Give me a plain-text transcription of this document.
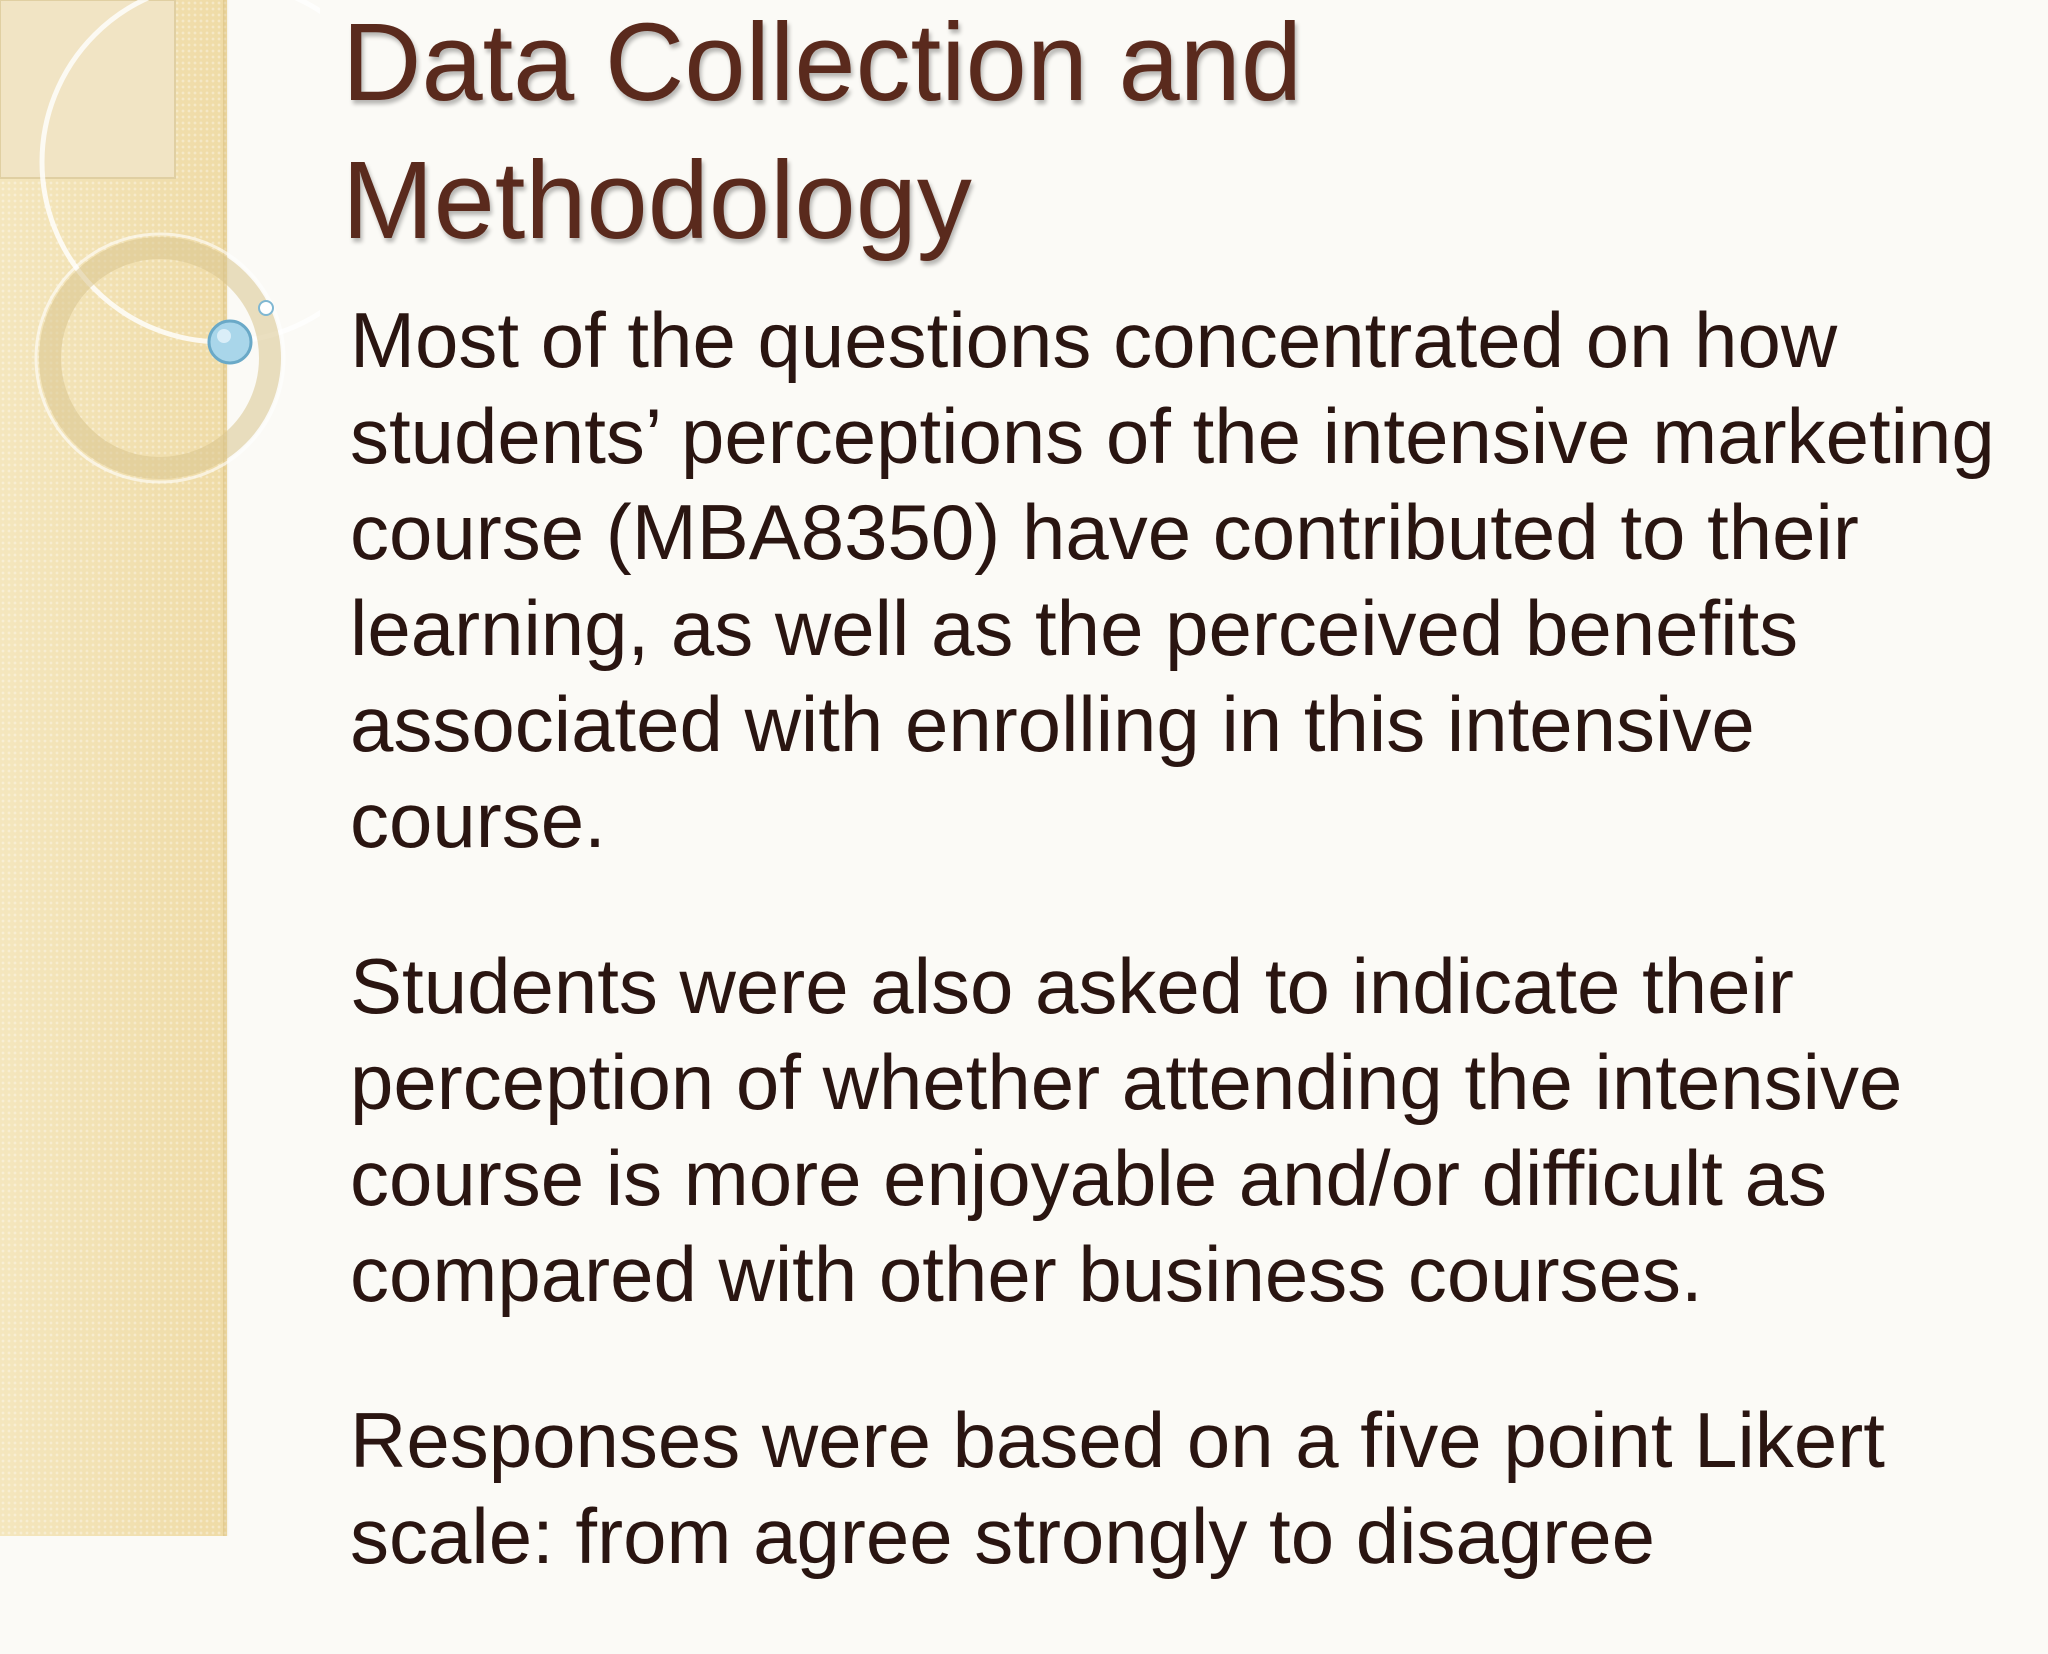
Data Collection and Methodology

Most of the questions concentrated on how students’ perceptions of the intensive marketing course (MBA8350) have contributed to their learning, as well as the perceived benefits associated with enrolling in this intensive course.

Students were also asked to indicate their perception of whether attending the intensive course is more enjoyable and/or difficult as compared with other business courses.

Responses were based on a five point Likert scale: from agree strongly to disagree
